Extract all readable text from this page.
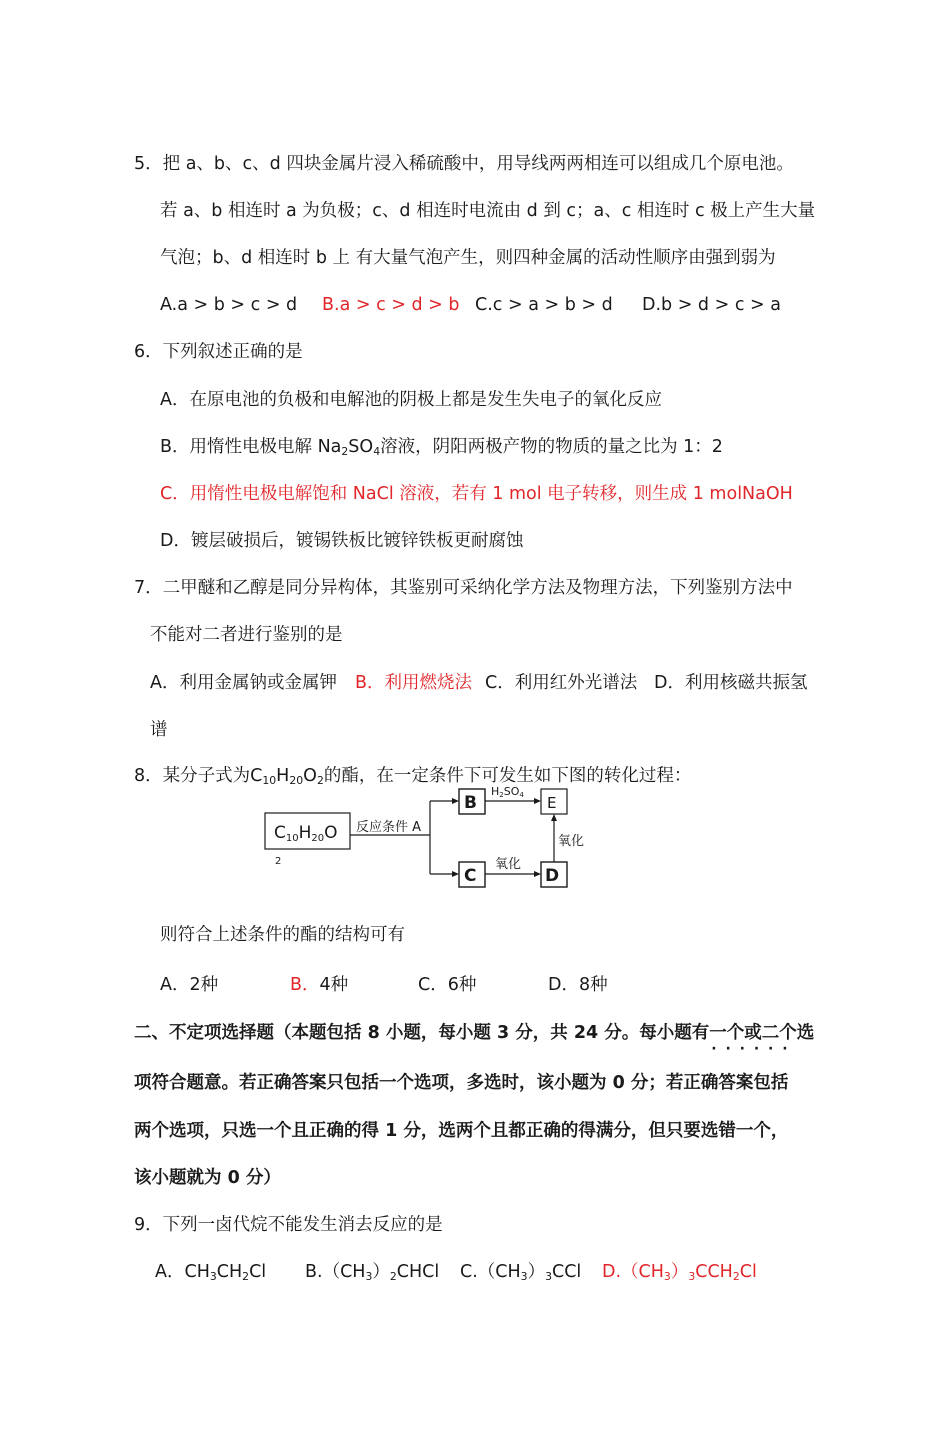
5．把 a、b、c、d 四块金属片浸入稀硫酸中，用导线两两相连可以组成几个原电池。
若 a、b 相连时 a 为负极；c、d 相连时电流由 d 到 c；a、c 相连时 c 极上产生大量
气泡；b、d 相连时 b 上 有大量气泡产生，则四种金属的活动性顺序由强到弱为
A.a > b > c > d B.a > c > d > b C.c > a > b > d D.b > d > c > a
6．下列叙述正确的是
A．在原电池的负极和电解池的阴极上都是发生失电子的氧化反应
B．用惰性电极电解 $Na_2SO_4$溶液，阴阳两极产物的物质的量之比为 1：2
C．用惰性电极电解饱和 NaCl 溶液，若有 1 mol 电子转移，则生成 1 molNaOH
D．镀层破损后，镀锡铁板比镀锌铁板更耐腐蚀
7．二甲醚和乙醇是同分异构体，其鉴别可采纳化学方法及物理方法，下列鉴别方法中
不能对二者进行鉴别的是
A．利用金属钠或金属钾 B．利用燃烧法 C．利用红外光谱法 D．利用核磁共振氢
谱
8．某分子式为$C_{10}H_{20}O_2$的酯，在一定条件下可发生如下图的转化过程：
C10H20O
2
反应条件 A
B
C
H2SO4 E
氧化
D
氧化
则符合上述条件的酯的结构可有
A．2种	B．4种	C．6种	D．8种
二、不定项选择题（本题包括 8 小题，每小题 3 分，共 24 分。每小题有一个或二个 · · ·选
项符合题意。若正确答案只包括一个选项，多选时，该小题为 0 分；若正确答案包括
两个选项，只选一个且正确的得 1 分，选两个且都正确的得满分，但只要选错一个，
该小题就为 0 分）
9．下列一卤代烷不能发生消去反应的是
A．$CH_3CH_2Cl$ $B.(CH_3)_2CHCl$ $C.(CH_3)_3CCl$ $D.(CH_3)_3CCH_2Cl$
